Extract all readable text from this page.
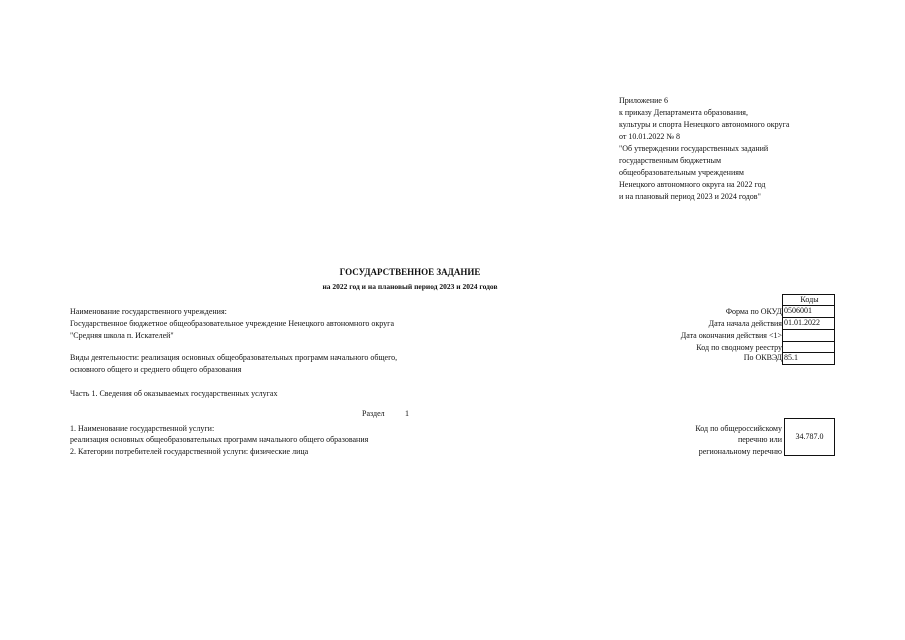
Приложение 6
к приказу Департамента образования,
культуры и спорта Ненецкого автономного округа
от 10.01.2022 № 8
"Об утверждении государственных заданий
государственным бюджетным
общеобразовательным учреждениям
Ненецкого автономного округа на 2022 год
и на плановый период 2023 и 2024 годов"
ГОСУДАРСТВЕННОЕ ЗАДАНИЕ
на 2022 год и на плановый период 2023 и 2024 годов
Наименование государственного учреждения:
Государственное бюджетное общеобразовательное учреждение Ненецкого автономного округа
"Средняя школа п. Искателей"
Виды деятельности: реализация основных общеобразовательных программ начального общего,
основного общего и среднего общего образования
Форма по ОКУД
Дата начала действия
Дата окончания действия <1>
Код по сводному реестру
По ОКВЭД
Коды
0506001
01.01.2022
85.1
Часть 1. Сведения об оказываемых государственных услугах
Раздел	1
1. Наименование государственной услуги:
реализация основных общеобразовательных программ начального общего образования
2. Категории потребителей государственной услуги: физические лица
Код по общероссийскому
перечню или
региональному перечню
34.787.0
